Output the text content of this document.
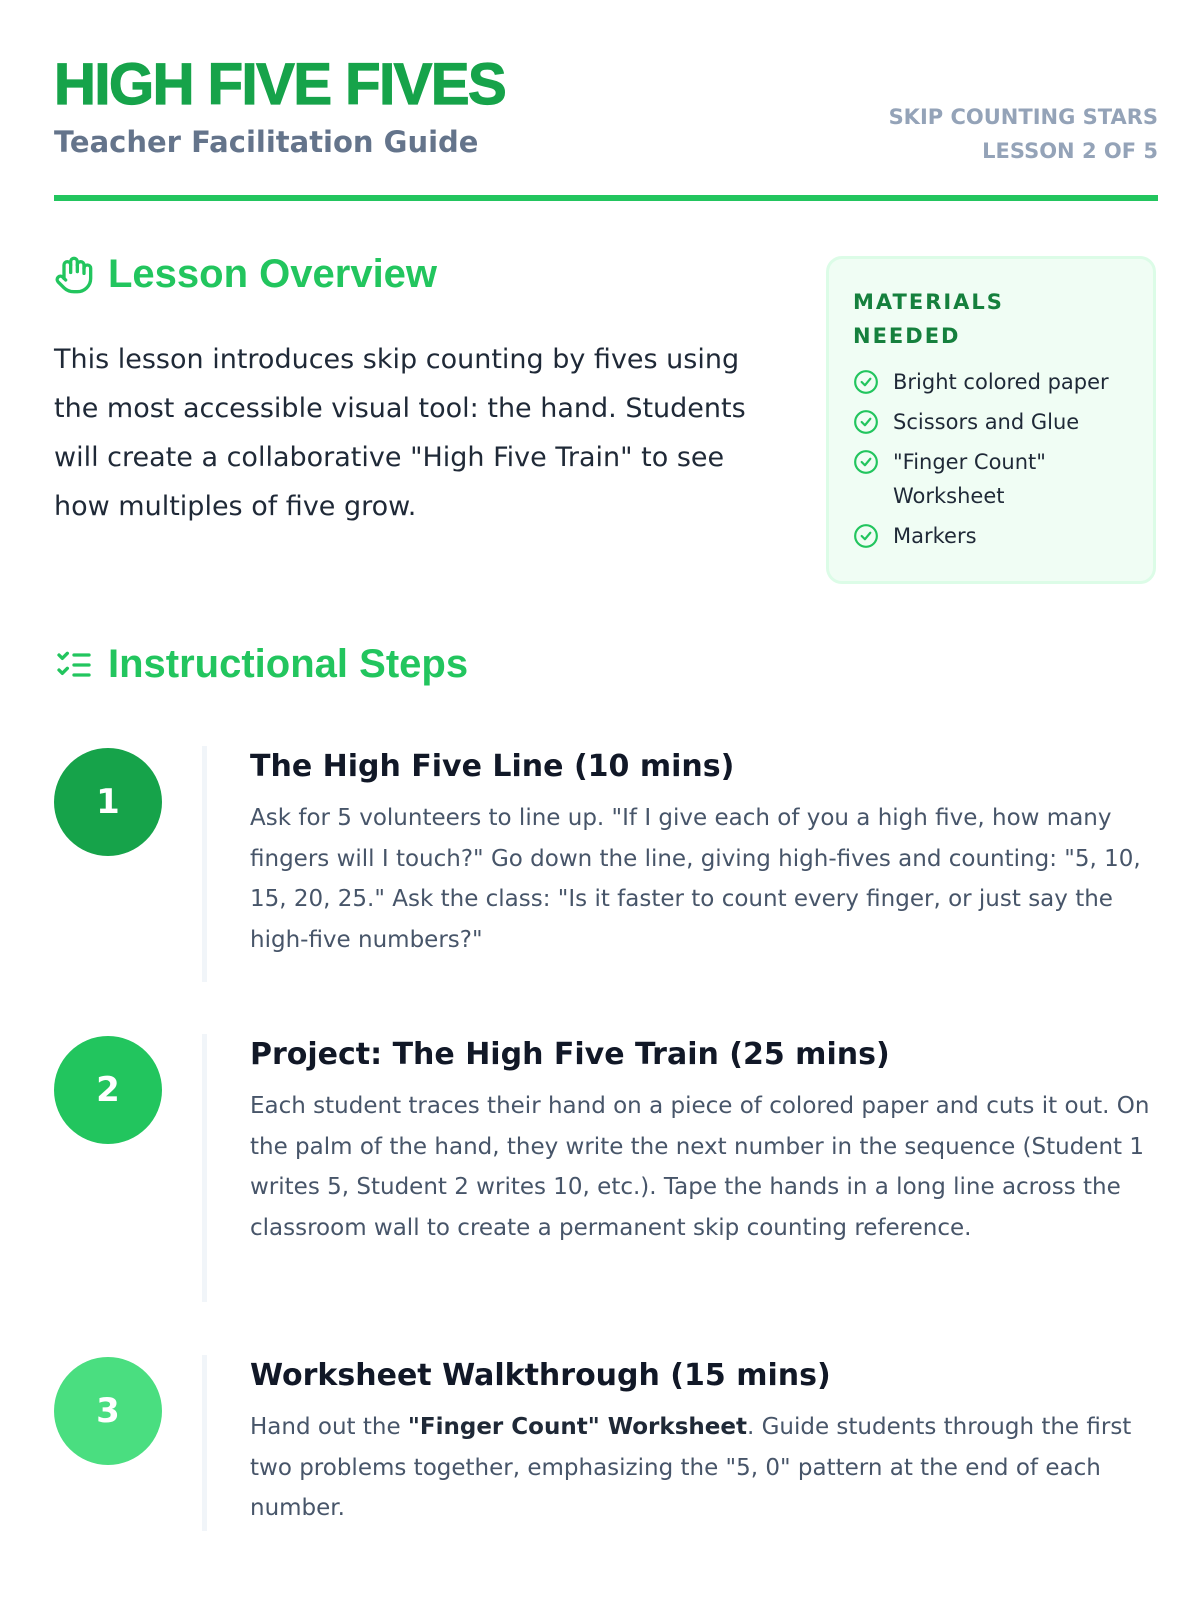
HIGH FIVE FIVES
Teacher Facilitation Guide
SKIP COUNTING STARS
LESSON 2 OF 5
Lesson Overview

This lesson introduces skip counting by fives using the most accessible visual tool: the hand. Students will create a collaborative "High Five Train" to see how multiples of five grow.

MATERIALS NEEDED
Bright colored paper
Scissors and Glue
"Finger Count" Worksheet
Markers
Instructional Steps
1
The High Five Line (10 mins)

Ask for 5 volunteers to line up. "If I give each of you a high five, how many fingers will I touch?" Go down the line, giving high-fives and counting: "5, 10, 15, 20, 25." Ask the class: "Is it faster to count every finger, or just say the high-five numbers?"

2
Project: The High Five Train (25 mins)

Each student traces their hand on a piece of colored paper and cuts it out. On the palm of the hand, they write the next number in the sequence (Student 1 writes 5, Student 2 writes 10, etc.). Tape the hands in a long line across the classroom wall to create a permanent skip counting reference.

3
Worksheet Walkthrough (15 mins)

Hand out the "Finger Count" Worksheet. Guide students through the first two problems together, emphasizing the "5, 0" pattern at the end of each number.
